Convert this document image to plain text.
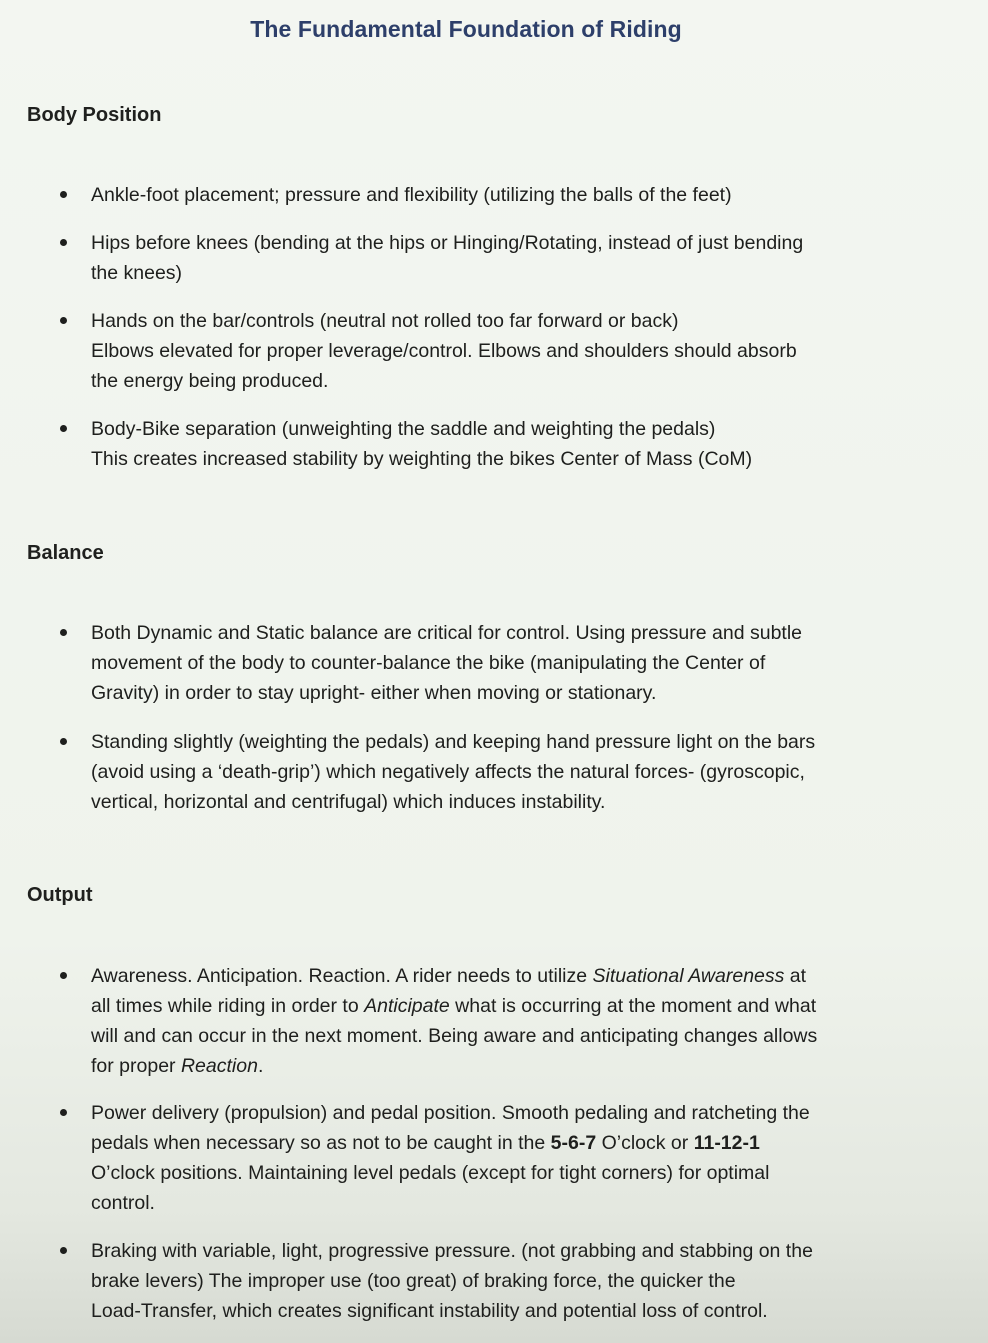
The Fundamental Foundation of Riding
Body Position
Ankle-foot placement; pressure and flexibility (utilizing the balls of the feet)
Hips before knees (bending at the hips or Hinging/Rotating, instead of just bending
the knees)
Hands on the bar/controls (neutral not rolled too far forward or back)
Elbows elevated for proper leverage/control. Elbows and shoulders should absorb
the energy being produced.
Body-Bike separation (unweighting the saddle and weighting the pedals)
This creates increased stability by weighting the bikes Center of Mass (CoM)
Balance
Both Dynamic and Static balance are critical for control. Using pressure and subtle
movement of the body to counter-balance the bike (manipulating the Center of
Gravity) in order to stay upright- either when moving or stationary.
Standing slightly (weighting the pedals) and keeping hand pressure light on the bars
(avoid using a ‘death-grip’) which negatively affects the natural forces- (gyroscopic,
vertical, horizontal and centrifugal) which induces instability.
Output
Awareness. Anticipation. Reaction. A rider needs to utilize Situational Awareness at
all times while riding in order to Anticipate what is occurring at the moment and what
will and can occur in the next moment. Being aware and anticipating changes allows
for proper Reaction.
Power delivery (propulsion) and pedal position. Smooth pedaling and ratcheting the
pedals when necessary so as not to be caught in the 5-6-7 O’clock or 11-12-1
O’clock positions. Maintaining level pedals (except for tight corners) for optimal
control.
Braking with variable, light, progressive pressure. (not grabbing and stabbing on the
brake levers) The improper use (too great) of braking force, the quicker the
Load-Transfer, which creates significant instability and potential loss of control.
